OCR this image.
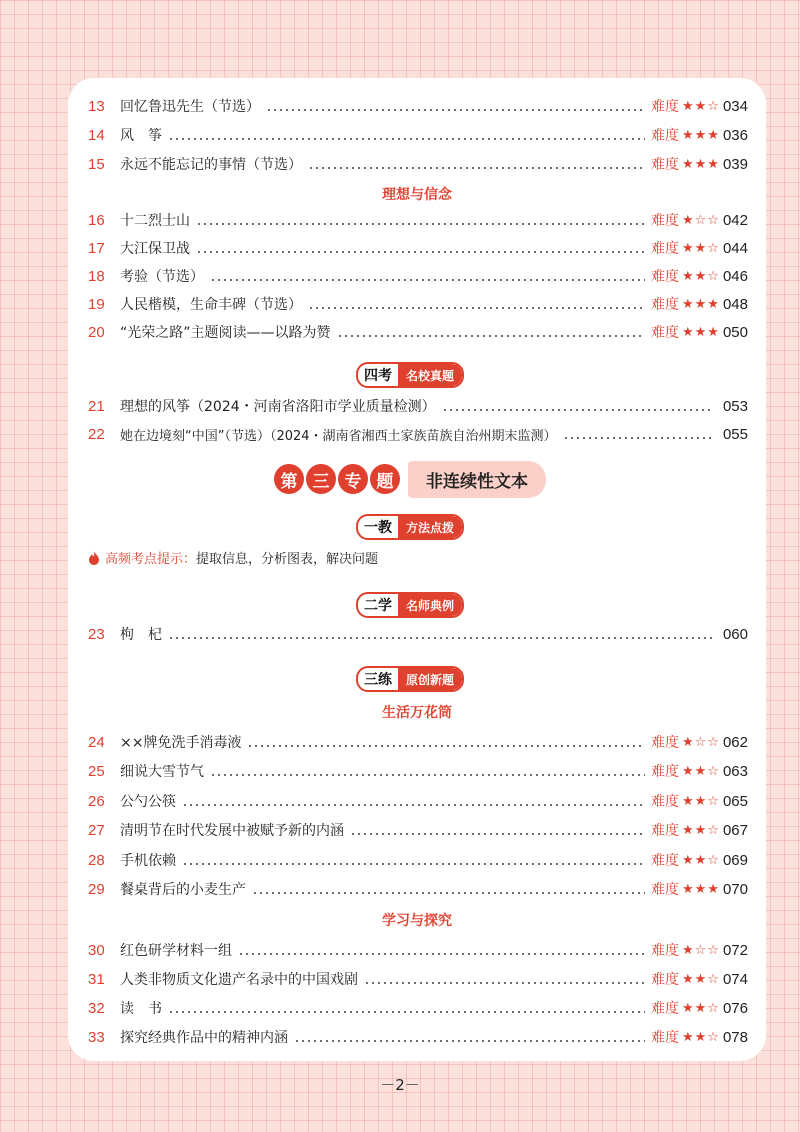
13	回忆鲁迅先生（节选）	难度 ★★☆ 034
14	风　筝	难度 ★★★ 036
15	永远不能忘记的事情（节选）	难度 ★★★ 039
理想与信念
16	十二烈士山	难度 ★☆☆ 042
17	大江保卫战	难度 ★★☆ 044
18	考验（节选）	难度 ★★☆ 046
19	人民楷模，生命丰碑（节选）	难度 ★★★ 048
20	“光荣之路”主题阅读——以路为赞	难度 ★★★ 050
四考	名校真题
21	理想的风筝（2024・河南省洛阳市学业质量检测）	053
22	她在边境刻“中国”（节选）（2024・湖南省湘西土家族苗族自治州期末监测）	055
第 三 专 题	非连续性文本
一教	方法点拨
高频考点提示： 提取信息，分析图表，解决问题
二学	名师典例
23	枸　杞	060
三练	原创新题
生活万花筒
24	××牌免洗手消毒液	难度 ★☆☆ 062
25	细说大雪节气	难度 ★★☆ 063
26	公勺公筷	难度 ★★☆ 065
27	清明节在时代发展中被赋予新的内涵	难度 ★★☆ 067
28	手机依赖	难度 ★★☆ 069
29	餐桌背后的小麦生产	难度 ★★★ 070
学习与探究
30	红色研学材料一组	难度 ★☆☆ 072
31	人类非物质文化遗产名录中的中国戏剧	难度 ★★☆ 074
32	读　书	难度 ★★☆ 076
33	探究经典作品中的精神内涵	难度 ★★☆ 078
－2－
